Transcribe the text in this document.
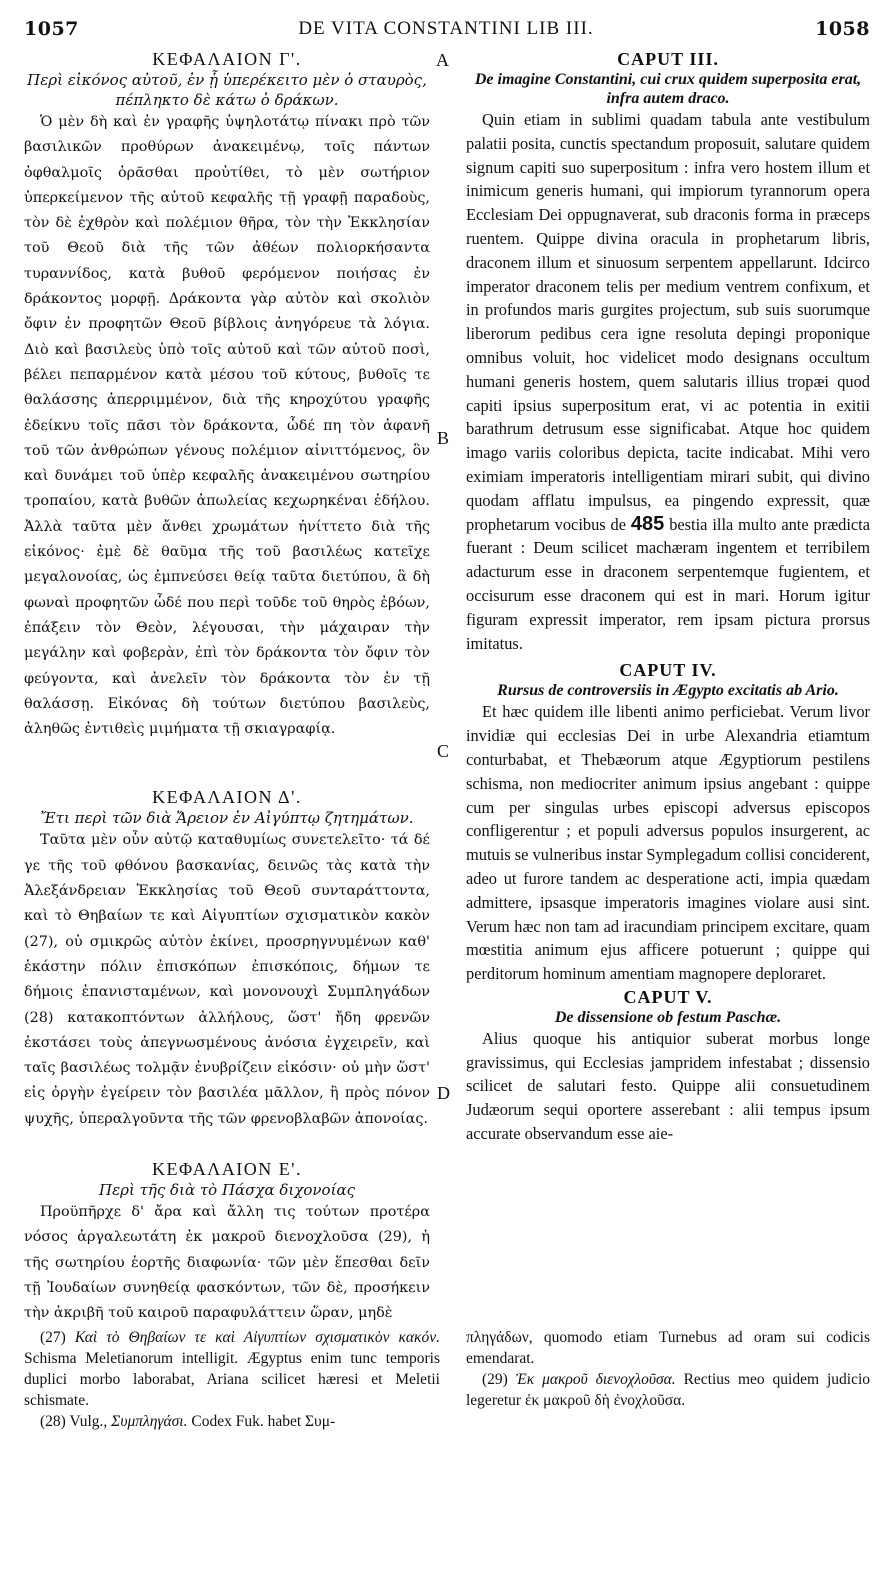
1057	DE VITA CONSTANTINI LIB III.	1058
A
B
C
D
ΚΕΦΑΛΑΙΟΝ Γ'.
Περὶ εἰκόνος αὐτοῦ, ἐν ᾗ ὑπερέκειτο μὲν ὁ σταυρὸς, πέπληκτο δὲ κάτω ὁ δράκων.

Ὁ μὲν δὴ καὶ ἐν γραφῆς ὑψηλοτάτῳ πίνακι πρὸ τῶν βασιλικῶν προθύρων ἀνακειμένῳ, τοῖς πάντων ὀφθαλμοῖς ὁρᾶσθαι προὐτίθει, τὸ μὲν σωτήριον ὑπερκείμενον τῆς αὐτοῦ κεφαλῆς τῇ γραφῇ παραδοὺς, τὸν δὲ ἐχθρὸν καὶ πολέμιον θῆρα, τὸν τὴν Ἐκκλησίαν τοῦ Θεοῦ διὰ τῆς τῶν ἀθέων πολιορκήσαντα τυραννίδος, κατὰ βυθοῦ φερόμενον ποιήσας ἐν δράκοντος μορφῇ. Δράκοντα γὰρ αὐτὸν καὶ σκολιὸν ὄφιν ἐν προφητῶν Θεοῦ βίβλοις ἀνηγόρευε τὰ λόγια. Διὸ καὶ βασιλεὺς ὑπὸ τοῖς αὐτοῦ καὶ τῶν αὐτοῦ ποσὶ, βέλει πεπαρμένον κατὰ μέσου τοῦ κύτους, βυθοῖς τε θαλάσσης ἀπερριμμένον, διὰ τῆς κηροχύτου γραφῆς ἐδείκνυ τοῖς πᾶσι τὸν δράκοντα, ὧδέ πη τὸν ἀφανῆ τοῦ τῶν ἀνθρώπων γένους πολέμιον αἰνιττόμενος, ὃν καὶ δυνάμει τοῦ ὑπὲρ κεφαλῆς ἀνακειμένου σωτηρίου τροπαίου, κατὰ βυθῶν ἀπωλείας κεχωρηκέναι ἐδήλου. Ἀλλὰ ταῦτα μὲν ἄνθει χρωμάτων ἠνίττετο διὰ τῆς εἰκόνος· ἐμὲ δὲ θαῦμα τῆς τοῦ βασιλέως κατεῖχε μεγαλονοίας, ὡς ἐμπνεύσει θείᾳ ταῦτα διετύπου, ἃ δὴ φωναὶ προφητῶν ὧδέ που περὶ τοῦδε τοῦ θηρὸς ἐβόων, ἐπάξειν τὸν Θεὸν, λέγουσαι, τὴν μάχαιραν τὴν μεγάλην καὶ φοβερὰν, ἐπὶ τὸν δράκοντα τὸν ὄφιν τὸν φεύγοντα, καὶ ἀνελεῖν τὸν δράκοντα τὸν ἐν τῇ θαλάσσῃ. Εἰκόνας δὴ τούτων διετύπου βασιλεὺς, ἀληθῶς ἐντιθεὶς μιμήματα τῇ σκιαγραφίᾳ.

ΚΕΦΑΛΑΙΟΝ Δ'.
Ἔτι περὶ τῶν διὰ Ἄρειον ἐν Αἰγύπτῳ ζητημάτων.

Ταῦτα μὲν οὖν αὐτῷ καταθυμίως συνετελεῖτο· τά δέ γε τῆς τοῦ φθόνου βασκανίας, δεινῶς τὰς κατὰ τὴν Ἀλεξάνδρειαν Ἐκκλησίας τοῦ Θεοῦ συνταράττοντα, καὶ τὸ Θηβαίων τε καὶ Αἰγυπτίων σχισματικὸν κακὸν (27), οὐ σμικρῶς αὐτὸν ἐκίνει, προσρηγνυμένων καθ' ἑκάστην πόλιν ἐπισκόπων ἐπισκόποις, δήμων τε δήμοις ἐπανισταμένων, καὶ μονονουχὶ Συμπληγάδων (28) κατακοπτόντων ἀλλήλους, ὥστ' ἤδη φρενῶν ἐκστάσει τοὺς ἀπεγνωσμένους ἀνόσια ἐγχειρεῖν, καὶ ταῖς βασιλέως τολμᾷν ἐνυβρίζειν εἰκόσιν· οὐ μὴν ὥστ' εἰς ὀργὴν ἐγείρειν τὸν βασιλέα μᾶλλον, ἢ πρὸς πόνον ψυχῆς, ὑπεραλγοῦντα τῆς τῶν φρενοβλαβῶν ἀπονοίας.

ΚΕΦΑΛΑΙΟΝ Ε'.
Περὶ τῆς διὰ τὸ Πάσχα διχονοίας

Προϋπῆρχε δ' ἄρα καὶ ἄλλη τις τούτων προτέρα νόσος ἀργαλεωτάτη ἐκ μακροῦ διενοχλοῦσα (29), ἡ τῆς σωτηρίου ἑορτῆς διαφωνία· τῶν μὲν ἕπεσθαι δεῖν τῇ Ἰουδαίων συνηθείᾳ φασκόντων, τῶν δὲ, προσήκειν τὴν ἀκριβῆ τοῦ καιροῦ παραφυλάττειν ὥραν, μηδὲ

CAPUT III.
De imagine Constantini, cui crux quidem superposita erat, infra autem draco.

Quin etiam in sublimi quadam tabula ante vestibulum palatii posita, cunctis spectandum proposuit, salutare quidem signum capiti suo superpositum : infra vero hostem illum et inimicum generis humani, qui impiorum tyrannorum opera Ecclesiam Dei oppugnaverat, sub draconis forma in præceps ruentem. Quippe divina oracula in prophetarum libris, draconem illum et sinuosum serpentem appellarunt. Idcirco imperator draconem telis per medium ventrem confixum, et in profundos maris gurgites projectum, sub suis suorumque liberorum pedibus cera igne resoluta depingi proponique omnibus voluit, hoc videlicet modo designans occultum humani generis hostem, quem salutaris illius tropæi quod capiti ipsius superpositum erat, vi ac potentia in exitii barathrum detrusum esse significabat. Atque hoc quidem imago variis coloribus depicta, tacite indicabat. Mihi vero eximiam imperatoris intelligentiam mirari subit, qui divino quodam afflatu impulsus, ea pingendo expressit, quæ prophetarum vocibus de 485 bestia illa multo ante prædicta fuerant : Deum scilicet machæram ingentem et terribilem adacturum esse in draconem serpentemque fugientem, et occisurum esse draconem qui est in mari. Horum igitur figuram expressit imperator, rem ipsam pictura prorsus imitatus.

CAPUT IV.
Rursus de controversiis in Ægypto excitatis ab Ario.

Et hæc quidem ille libenti animo perficiebat. Verum livor invidiæ qui ecclesias Dei in urbe Alexandria etiamtum conturbabat, et Thebæorum atque Ægyptiorum pestilens schisma, non mediocriter animum ipsius angebant : quippe cum per singulas urbes episcopi adversus episcopos confligerentur ; et populi adversus populos insurgerent, ac mutuis se vulneribus instar Symplegadum collisi conciderent, adeo ut furore tandem ac desperatione acti, impia quædam admittere, ipsasque imperatoris imagines violare ausi sint. Verum hæc non tam ad iracundiam principem excitare, quam mœstitia animum ejus afficere potuerunt ; quippe qui perditorum hominum amentiam magnopere deploraret.

CAPUT V.
De dissensione ob festum Paschæ.

Alius quoque his antiquior suberat morbus longe gravissimus, qui Ecclesias jampridem infestabat ; dissensio scilicet de salutari festo. Quippe alii consuetudinem Judæorum sequi oportere asserebant : alii tempus ipsum accurate observandum esse aie-

(27) Καὶ τὸ Θηβαίων τε καὶ Αἰγυπτίων σχισματικὸν κακόν. Schisma Meletianorum intelligit. Ægyptus enim tunc temporis duplici morbo laborabat, Ariana scilicet hæresi et Meletii schismate.

(28) Vulg., Συμπληγάσι. Codex Fuk. habet Συμ-

πληγάδων, quomodo etiam Turnebus ad oram sui codicis emendarat.

(29) Ἐκ μακροῦ διενοχλοῦσα. Rectius meo quidem judicio legeretur ἐκ μακροῦ δὴ ἐνοχλοῦσα.
